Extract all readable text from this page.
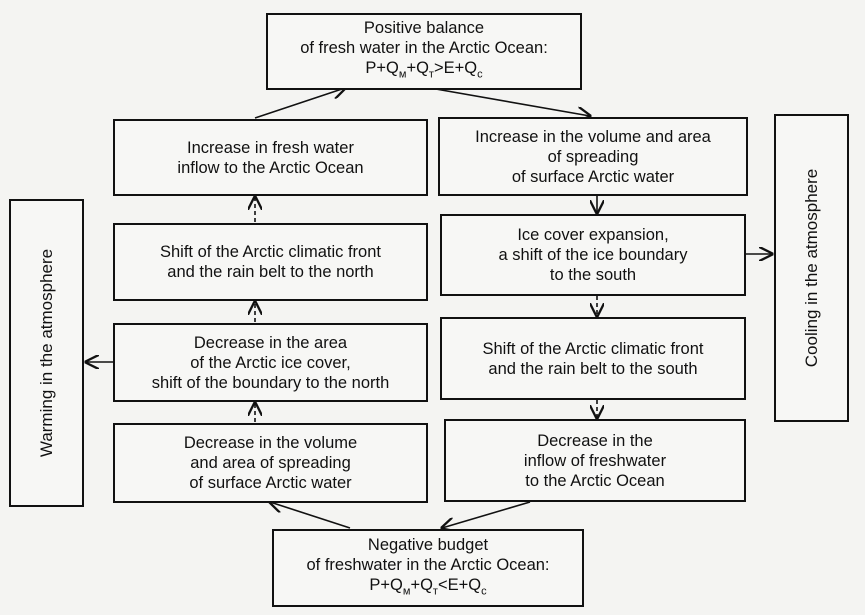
Positive balance
of fresh water in the Arctic Ocean:
$P+Q_м+Q_т>E+Q_c$
Increase in fresh water
inflow to the Arctic Ocean
Shift of the Arctic climatic front
and the rain belt to the north
Decrease in the area
of the Arctic ice cover,
shift of the boundary to the north
Decrease in the volume
and area of spreading
of surface Arctic water
Increase in the volume and area
of spreading
of surface Arctic water
Ice cover expansion,
a shift of the ice boundary
to the south
Shift of the Arctic climatic front
and the rain belt to the south
Decrease in the
inflow of freshwater
to the Arctic Ocean
Negative budget
of freshwater in the Arctic Ocean:
$P+Q_м+Q_т<E+Q_c$
Warming in the atmosphere	Cooling in the atmosphere
